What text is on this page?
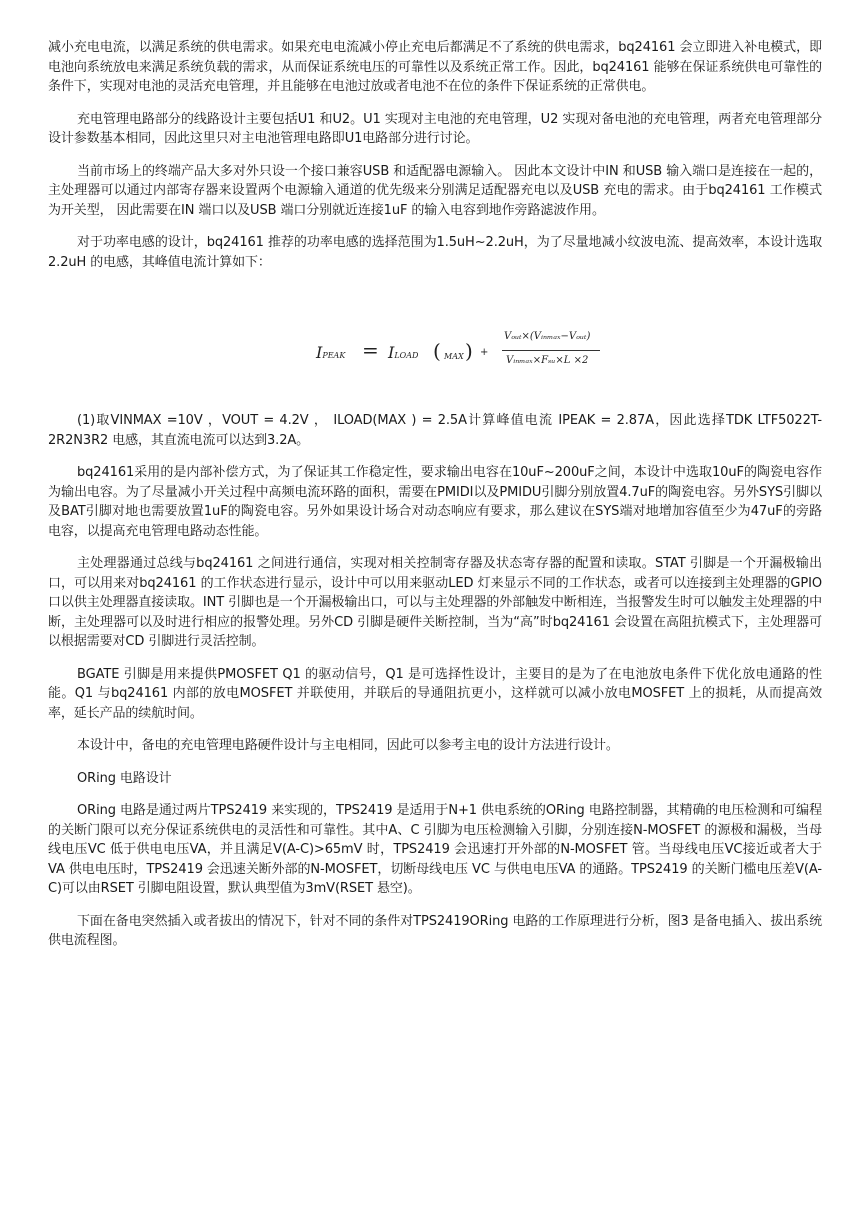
减小充电电流，以满足系统的供电需求。如果充电电流减小停止充电后都满足不了系统的供电需求，bq24161 会立即进入补电模式，即电池向系统放电来满足系统负载的需求，从而保证系统电压的可靠性以及系统正常工作。因此，bq24161 能够在保证系统供电可靠性的条件下，实现对电池的灵活充电管理，并且能够在电池过放或者电池不在位的条件下保证系统的正常供电。

充电管理电路部分的线路设计主要包括U1 和U2。U1 实现对主电池的充电管理，U2 实现对备电池的充电管理，两者充电管理部分设计参数基本相同，因此这里只对主电池管理电路即U1电路部分进行讨论。

当前市场上的终端产品大多对外只设一个接口兼容USB 和适配器电源输入。 因此本文设计中IN 和USB 输入端口是连接在一起的，主处理器可以通过内部寄存器来设置两个电源输入通道的优先级来分别满足适配器充电以及USB 充电的需求。由于bq24161 工作模式为开关型， 因此需要在IN 端口以及USB 端口分别就近连接1uF 的输入电容到地作旁路滤波作用。

对于功率电感的设计，bq24161 推荐的功率电感的选择范围为1.5uH~2.2uH，为了尽量地减小纹波电流、提高效率，本设计选取2.2uH 的电感，其峰值电流计算如下：

IPEAK = ILOAD ( MAX ) +
Vₒᵤₜ×(Vᵢₙₘₐₓ−Vₒᵤₜ)
Vᵢₙₘₐₓ×Fₛᵤ×L ×2

(1)取VINMAX =10V ，VOUT = 4.2V ， ILOAD(MAX ) = 2.5A计算峰值电流 IPEAK = 2.87A，因此选择TDK LTF5022T-2R2N3R2 电感，其直流电流可以达到3.2A。

bq24161采用的是内部补偿方式，为了保证其工作稳定性，要求输出电容在10uF~200uF之间，本设计中选取10uF的陶瓷电容作为输出电容。为了尽量减小开关过程中高频电流环路的面积，需要在PMIDI以及PMIDU引脚分别放置4.7uF的陶瓷电容。另外SYS引脚以及BAT引脚对地也需要放置1uF的陶瓷电容。另外如果设计场合对动态响应有要求，那么建议在SYS端对地增加容值至少为47uF的旁路电容，以提高充电管理电路动态性能。

主处理器通过总线与bq24161 之间进行通信，实现对相关控制寄存器及状态寄存器的配置和读取。STAT 引脚是一个开漏极输出口，可以用来对bq24161 的工作状态进行显示，设计中可以用来驱动LED 灯来显示不同的工作状态，或者可以连接到主处理器的GPIO 口以供主处理器直接读取。INT 引脚也是一个开漏极输出口，可以与主处理器的外部触发中断相连，当报警发生时可以触发主处理器的中断，主处理器可以及时进行相应的报警处理。另外CD 引脚是硬件关断控制，当为“高”时bq24161 会设置在高阻抗模式下，主处理器可以根据需要对CD 引脚进行灵活控制。

BGATE 引脚是用来提供PMOSFET Q1 的驱动信号，Q1 是可选择性设计，主要目的是为了在电池放电条件下优化放电通路的性能。Q1 与bq24161 内部的放电MOSFET 并联使用，并联后的导通阻抗更小，这样就可以减小放电MOSFET 上的损耗，从而提高效率，延长产品的续航时间。

本设计中，备电的充电管理电路硬件设计与主电相同，因此可以参考主电的设计方法进行设计。

ORing 电路设计

ORing 电路是通过两片TPS2419 来实现的，TPS2419 是适用于N+1 供电系统的ORing 电路控制器，其精确的电压检测和可编程的关断门限可以充分保证系统供电的灵活性和可靠性。其中A、C 引脚为电压检测输入引脚，分别连接N-MOSFET 的源极和漏极，当母线电压VC 低于供电电压VA，并且满足V(A-C)>65mV 时，TPS2419 会迅速打开外部的N-MOSFET 管。当母线电压VC接近或者大于VA 供电电压时，TPS2419 会迅速关断外部的N-MOSFET，切断母线电压 VC 与供电电压VA 的通路。TPS2419 的关断门槛电压差V(A-C)可以由RSET 引脚电阻设置，默认典型值为3mV(RSET 悬空)。

下面在备电突然插入或者拔出的情况下，针对不同的条件对TPS2419ORing 电路的工作原理进行分析，图3 是备电插入、拔出系统供电流程图。
